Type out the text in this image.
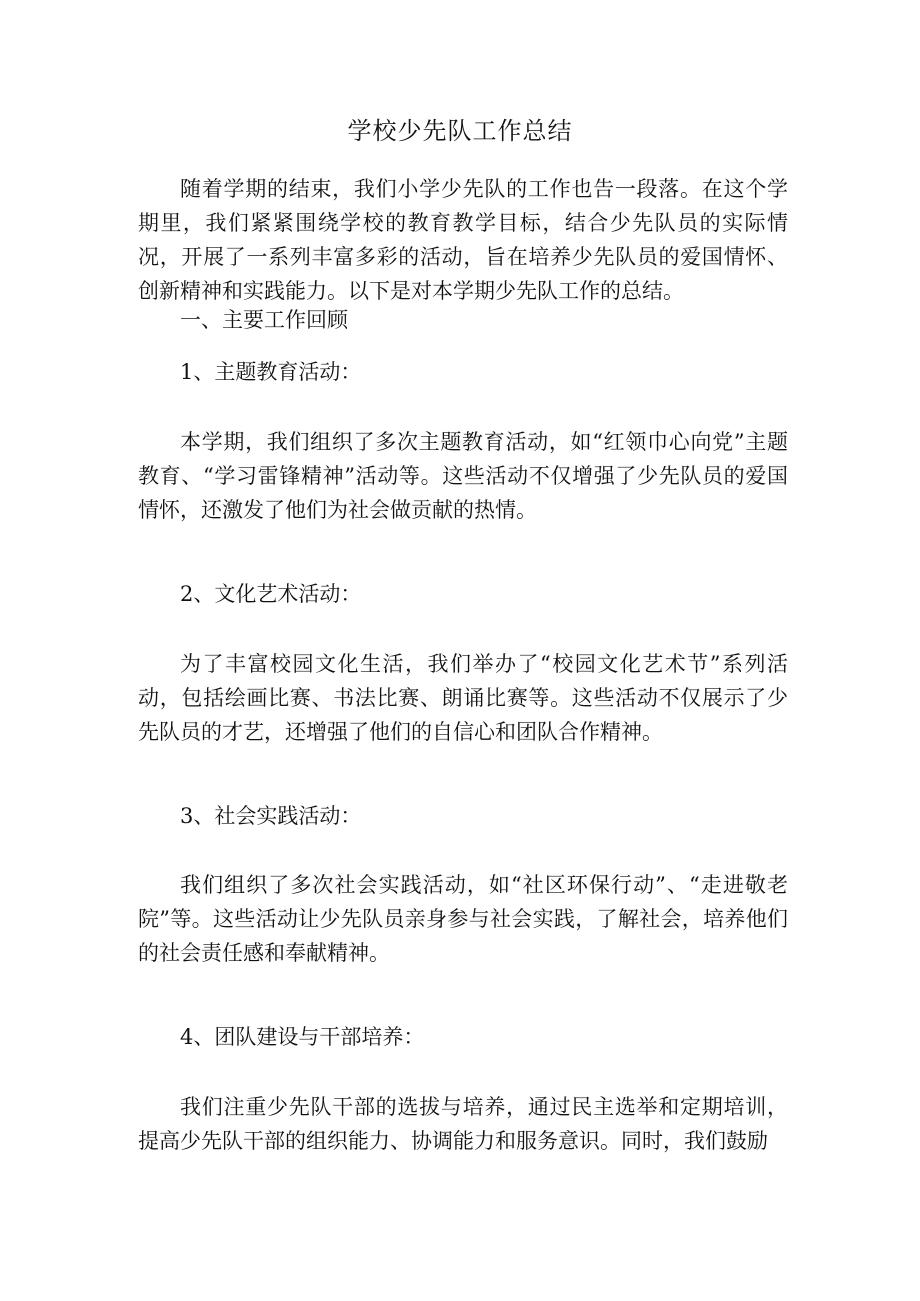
学校少先队工作总结

随着学期的结束，我们小学少先队的工作也告一段落。在这个学期里，我们紧紧围绕学校的教育教学目标，结合少先队员的实际情况，开展了一系列丰富多彩的活动，旨在培养少先队员的爱国情怀、创新精神和实践能力。以下是对本学期少先队工作的总结。

一、主要工作回顾

1、主题教育活动：

本学期，我们组织了多次主题教育活动，如“红领巾心向党”主题教育、“学习雷锋精神”活动等。这些活动不仅增强了少先队员的爱国情怀，还激发了他们为社会做贡献的热情。

2、文化艺术活动：

为了丰富校园文化生活，我们举办了“校园文化艺术节”系列活动，包括绘画比赛、书法比赛、朗诵比赛等。这些活动不仅展示了少先队员的才艺，还增强了他们的自信心和团队合作精神。

3、社会实践活动：

我们组织了多次社会实践活动，如“社区环保行动”、“走进敬老院”等。这些活动让少先队员亲身参与社会实践，了解社会，培养他们的社会责任感和奉献精神。

4、团队建设与干部培养：

我们注重少先队干部的选拔与培养，通过民主选举和定期培训，提高少先队干部的组织能力、协调能力和服务意识。同时，我们鼓励
